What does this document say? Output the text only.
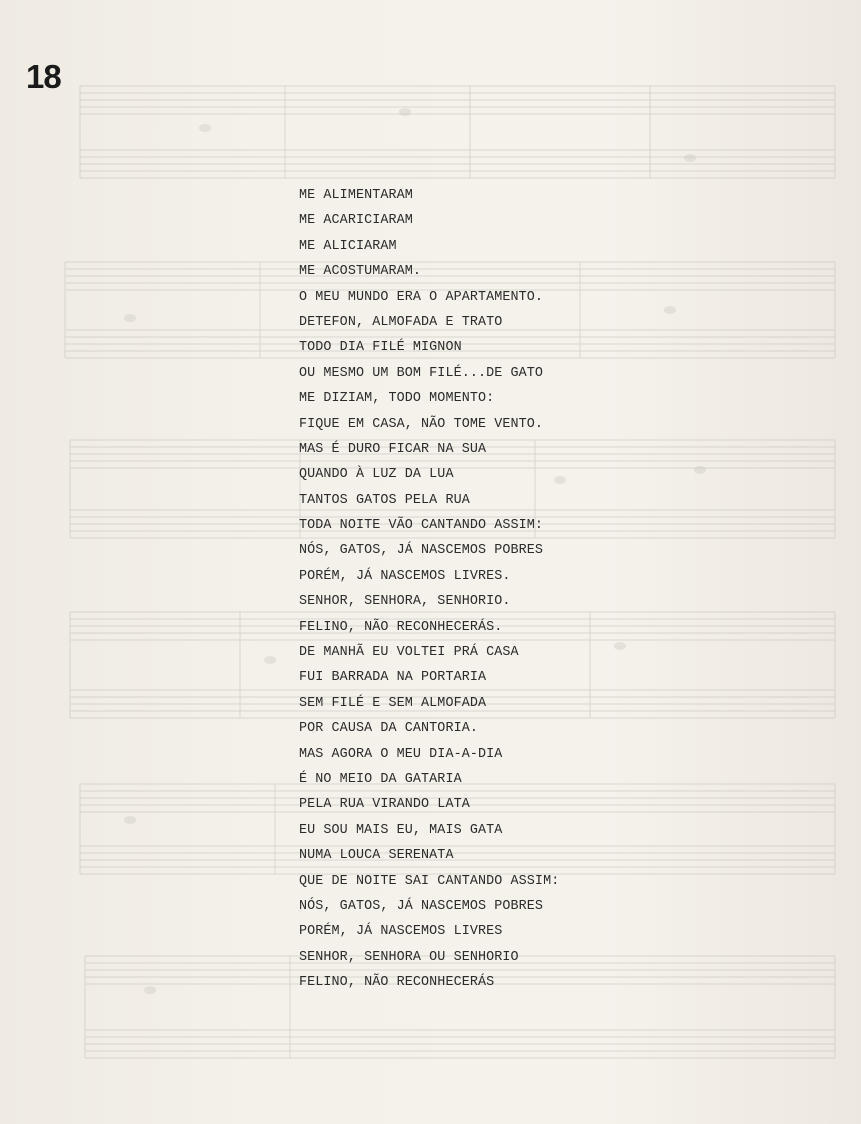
18
ME ALIMENTARAM
ME ACARICIARAM
ME ALICIARAM
ME ACOSTUMARAM.
O MEU MUNDO ERA O APARTAMENTO.
DETEFON, ALMOFADA E TRATO
TODO DIA FILÉ MIGNON
OU MESMO UM BOM FILÉ...DE GATO
ME DIZIAM, TODO MOMENTO:
FIQUE EM CASA, NÃO TOME VENTO.
MAS É DURO FICAR NA SUA
QUANDO À LUZ DA LUA
TANTOS GATOS PELA RUA
TODA NOITE VÃO CANTANDO ASSIM:
NÓS, GATOS, JÁ NASCEMOS POBRES
PORÉM, JÁ NASCEMOS LIVRES.
SENHOR, SENHORA, SENHORIO.
FELINO, NÃO RECONHECERÁS.
DE MANHÃ EU VOLTEI PRÁ CASA
FUI BARRADA NA PORTARIA
SEM FILÉ E SEM ALMOFADA
POR CAUSA DA CANTORIA.
MAS AGORA O MEU DIA-A-DIA
É NO MEIO DA GATARIA
PELA RUA VIRANDO LATA
EU SOU MAIS EU, MAIS GATA
NUMA LOUCA SERENATA
QUE DE NOITE SAI CANTANDO ASSIM:
NÓS, GATOS, JÁ NASCEMOS POBRES
PORÉM, JÁ NASCEMOS LIVRES
SENHOR, SENHORA OU SENHORIO
FELINO, NÃO RECONHECERÁS
